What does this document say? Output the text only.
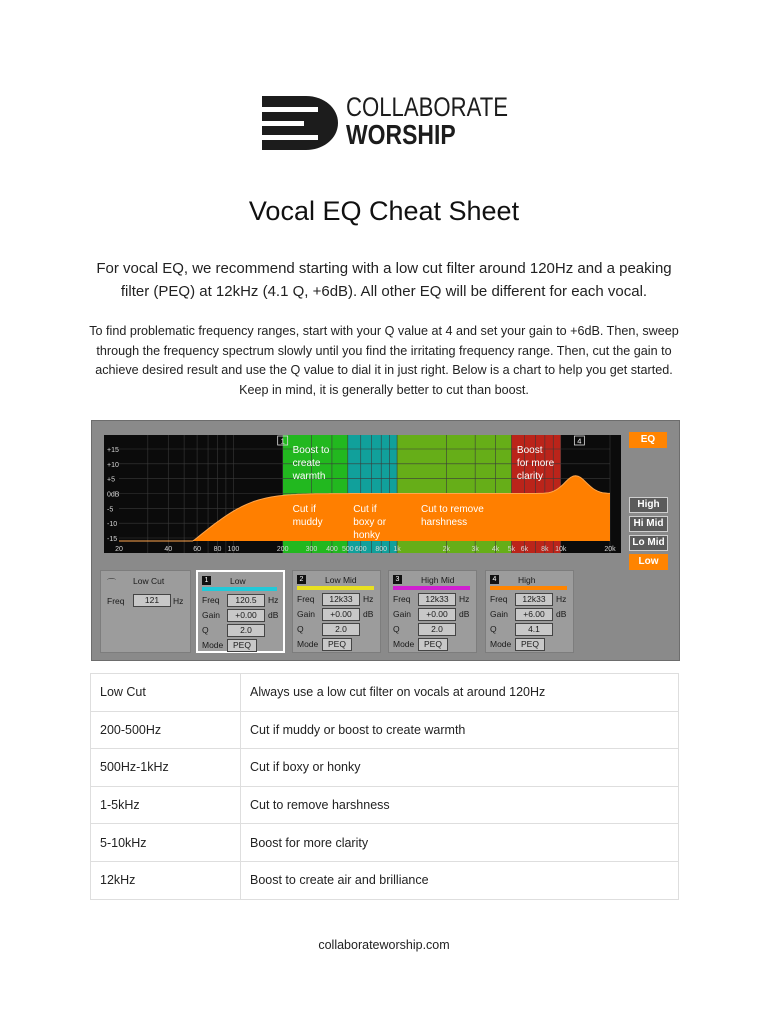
COLLABORATE
WORSHIP
Vocal EQ Cheat Sheet
For vocal EQ, we recommend starting with a low cut filter around 120Hz and a peaking filter (PEQ) at 12kHz (4.1 Q, +6dB). All other EQ will be different for each vocal.
To find problematic frequency ranges, start with your Q value at 4 and set your gain to +6dB. Then, sweep through the frequency spectrum slowly until you find the irritating frequency range. Then, cut the gain to achieve desired result and use the Q value to dial it in just right. Below is a chart to help you get started. Keep in mind, it is generally better to cut than boost.
+15
+10
+5
0dB
-5
-10
-15
20	40	60 80 100	200 300 400 500 600 800 1k	2k	3k 4k 5k 6k 8k 10k	20k
1	4
Boost to
create
warmth
Cut if
muddy
Cut if
boxy or
honky
Cut to remove
harshness
Boost
for more
clarity
⌒ Low Cut
Freq	121	Hz
1	Low
Freq	120.5	Hz
Gain	+0.00	dB
Q	2.0
Mode	PEQ
2	Low Mid
Freq	12k33	Hz
Gain	+0.00	dB
Q	2.0
Mode	PEQ
3	High Mid
Freq	12k33	Hz
Gain	+0.00	dB
Q	2.0
Mode	PEQ
4	High
Freq	12k33	Hz
Gain	+6.00	dB
Q	4.1
Mode	PEQ
EQ
High
Hi Mid
Lo Mid
Low
Low Cut	Always use a low cut filter on vocals at around 120Hz
200-500Hz	Cut if muddy or boost to create warmth
500Hz-1kHz	Cut if boxy or honky
1-5kHz	Cut to remove harshness
5-10kHz	Boost for more clarity
12kHz	Boost to create air and brilliance
collaborateworship.com
